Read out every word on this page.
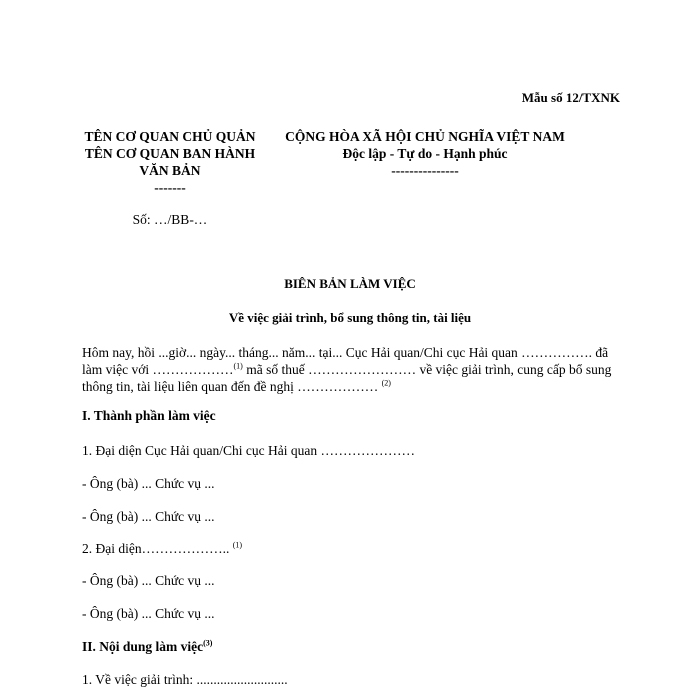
Mẫu số 12/TXNK
TÊN CƠ QUAN CHỦ QUẢN
TÊN CƠ QUAN BAN HÀNH VĂN BẢN
-------
CỘNG HÒA XÃ HỘI CHỦ NGHĨA VIỆT NAM
Độc lập - Tự do - Hạnh phúc
---------------
Số: …/BB-…
BIÊN BẢN LÀM VIỆC
Về việc giải trình, bổ sung thông tin, tài liệu
Hôm nay, hồi ...giờ... ngày... tháng... năm... tại... Cục Hải quan/Chi cục Hải quan ……………. đã làm việc với ………………$^{(1)}$ mã số thuế …………………… về việc giải trình, cung cấp bổ sung thông tin, tài liệu liên quan đến đề nghị ……………… $^{(2)}$
I. Thành phần làm việc
1. Đại diện Cục Hải quan/Chi cục Hải quan …………………
- Ông (bà) ... Chức vụ ...
- Ông (bà) ... Chức vụ ...
2. Đại diện……………….. $^{(1)}$
- Ông (bà) ... Chức vụ ...
- Ông (bà) ... Chức vụ ...
II. Nội dung làm việc$^{(3)}$
1. Về việc giải trình: ...........................
